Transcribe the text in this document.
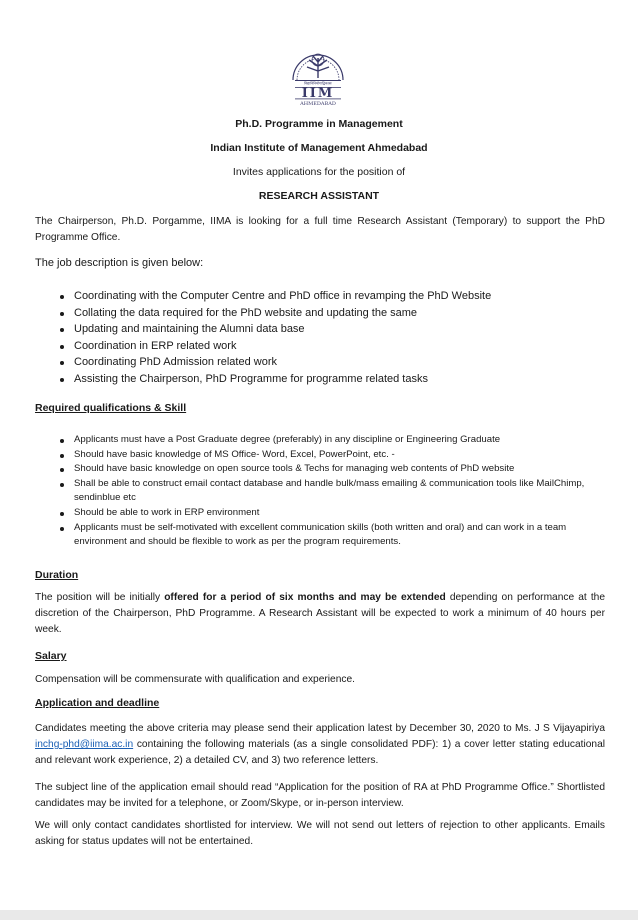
विद्याविनियोगाद्विकासः
IIM
AHMEDABAD
Ph.D. Programme in Management
Indian Institute of Management Ahmedabad
Invites applications for the position of
RESEARCH ASSISTANT

The Chairperson, Ph.D. Porgamme, IIMA is looking for a full time Research Assistant (Temporary) to support the PhD Programme Office.

The job description is given below:
Coordinating with the Computer Centre and PhD office in revamping the PhD Website
Collating the data required for the PhD website and updating the same
Updating and maintaining the Alumni data base
Coordination in ERP related work
Coordinating PhD Admission related work
Assisting the Chairperson, PhD Programme for programme related tasks
Required qualifications & Skill
Applicants must have a Post Graduate degree (preferably) in any discipline or Engineering Graduate
Should have basic knowledge of MS Office- Word, Excel, PowerPoint, etc. -
Should have basic knowledge on open source tools & Techs for managing web contents of PhD website
Shall be able to construct email contact database and handle bulk/mass emailing & communication tools like MailChimp, sendinblue etc
Should be able to work in ERP environment
Applicants must be self-motivated with excellent communication skills (both written and oral) and can work in a team environment and should be flexible to work as per the program requirements.
Duration

The position will be initially offered for a period of six months and may be extended depending on performance at the discretion of the Chairperson, PhD Programme. A Research Assistant will be expected to work a minimum of 40 hours per week.

Salary

Compensation will be commensurate with qualification and experience.

Application and deadline

Candidates meeting the above criteria may please send their application latest by December 30, 2020 to Ms. J S Vijayapiriya inchg-phd@iima.ac.in containing the following materials (as a single consolidated PDF): 1) a cover letter stating educational and relevant work experience, 2) a detailed CV, and 3) two reference letters.

The subject line of the application email should read “Application for the position of RA at PhD Programme Office.” Shortlisted candidates may be invited for a telephone, or Zoom/Skype, or in-person interview.

We will only contact candidates shortlisted for interview. We will not send out letters of rejection to other applicants. Emails asking for status updates will not be entertained.
